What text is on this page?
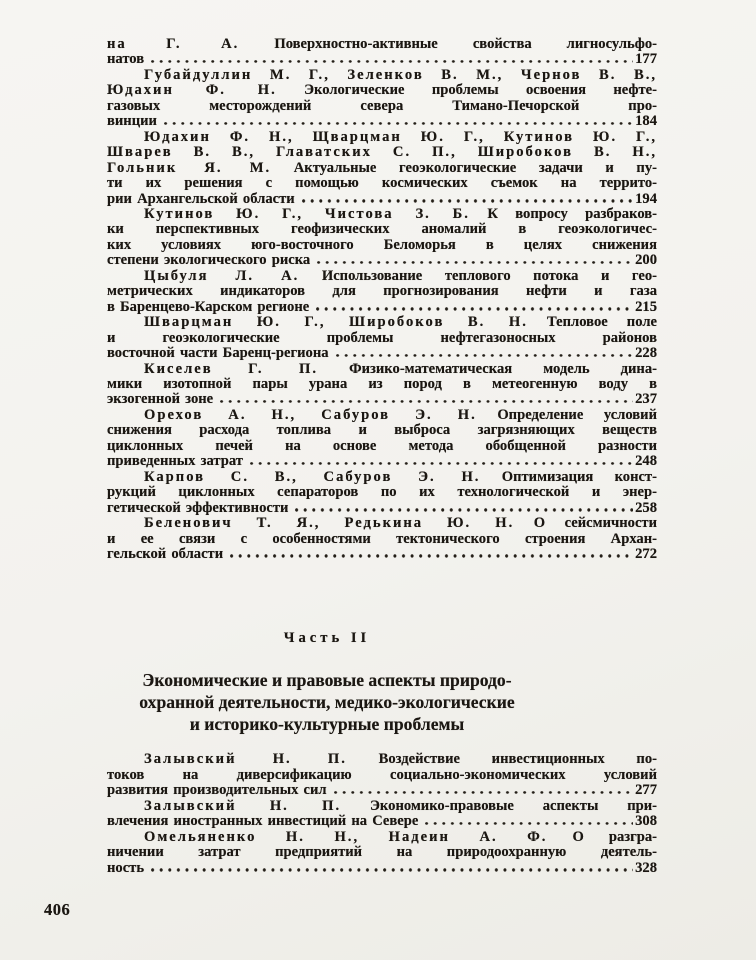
на Г. А. Поверхностно-активные свойства лигносульфо-
натов	177
Губайдуллин М. Г., Зеленков В. М., Чернов В. В.,
Юдахин Ф. Н. Экологические проблемы освоения нефте-
газовых месторождений севера Тимано-Печорской про-
винции	184
Юдахин Ф. Н., Щварцман Ю. Г., Кутинов Ю. Г.,
Шварев В. В., Главатских С. П., Широбоков В. Н.,
Гольник Я. М. Актуальные геоэкологические задачи и пу-
ти их решения с помощью космических съемок на террито-
рии Архангельской области	194
Кутинов Ю. Г., Чистова З. Б. К вопросу разбраков-
ки перспективных геофизических аномалий в геоэкологичес-
ких условиях юго-восточного Беломорья в целях снижения
степени экологического риска	200
Цыбуля Л. А. Использование теплового потока и гео-
метрических индикаторов для прогнозирования нефти и газа
в Баренцево-Карском регионе	215
Шварцман Ю. Г., Широбоков В. Н. Тепловое поле
и геоэкологические проблемы нефтегазоносных районов
восточной части Баренц-региона	228
Киселев Г. П. Физико-математическая модель дина-
мики изотопной пары урана из пород в метеогенную воду в
экзогенной зоне	237
Орехов А. Н., Сабуров Э. Н. Определение условий
снижения расхода топлива и выброса загрязняющих веществ
циклонных печей на основе метода обобщенной разности
приведенных затрат	248
Карпов С. В., Сабуров Э. Н. Оптимизация конст-
рукций циклонных сепараторов по их технологической и энер-
гетической эффективности	258
Беленович Т. Я., Редькина Ю. Н. О сейсмичности
и ее связи с особенностями тектонического строения Архан-
гельской области	272
Часть II
Экономические и правовые аспекты природо-
охранной деятельности, медико-экологические
и историко-культурные проблемы
Залывский Н. П. Воздействие инвестиционных по-
токов на диверсификацию социально-экономических условий
развития производительных сил	277
Залывский Н. П. Экономико-правовые аспекты при-
влечения иностранных инвестиций на Севере	308
Омельяненко Н. Н., Надеин А. Ф. О разгра-
ничении затрат предприятий на природоохранную деятель-
ность	328
406
